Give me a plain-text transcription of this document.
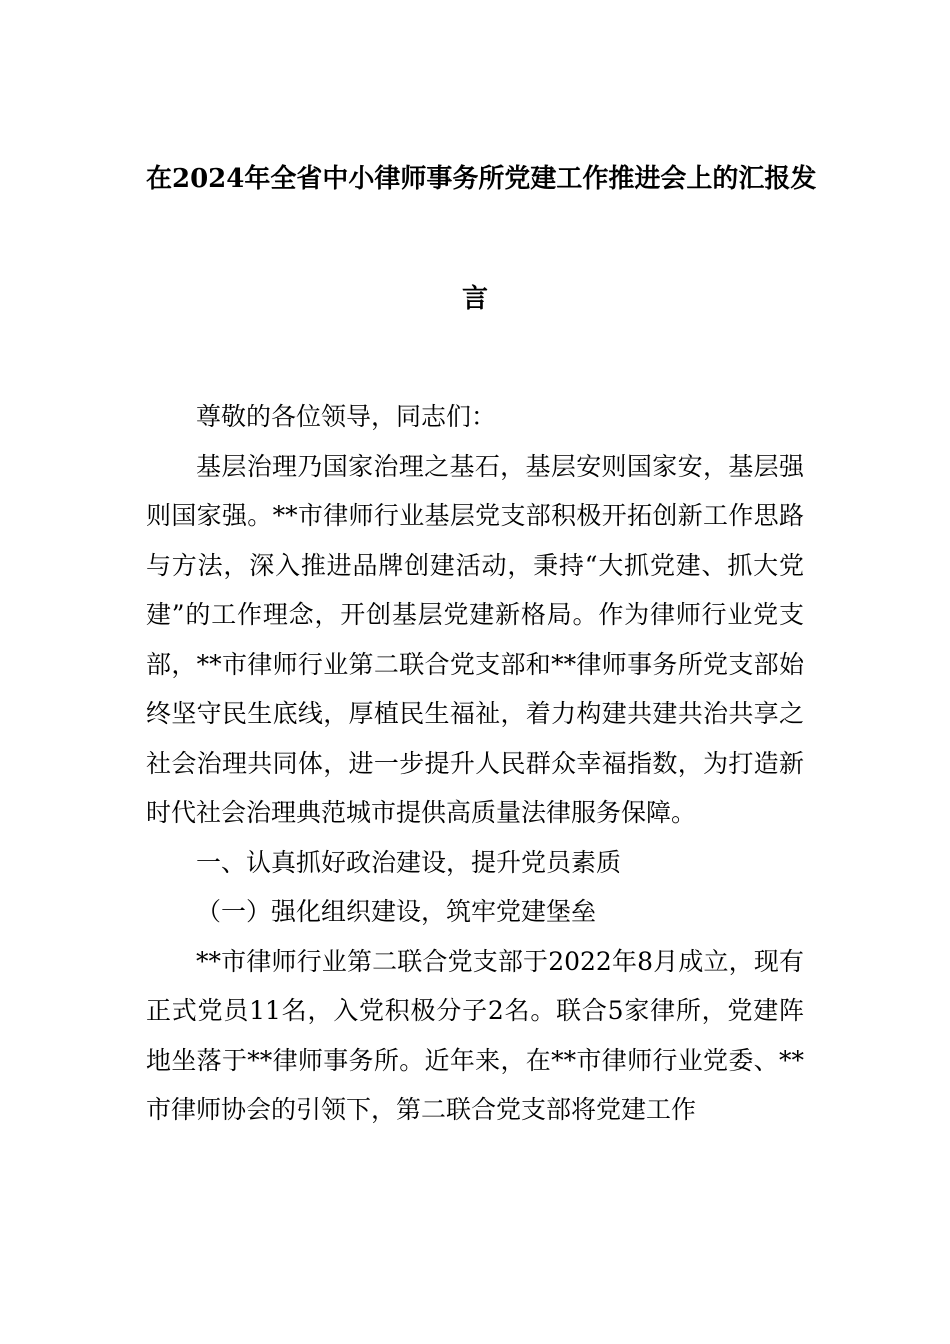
在2024年全省中小律师事务所党建工作推进会上的汇报发
言

尊敬的各位领导，同志们：

基层治理乃国家治理之基石，基层安则国家安，基层强则国家强。**市律师行业基层党支部积极开拓创新工作思路与方法，深入推进品牌创建活动，秉持“大抓党建、抓大党建”的工作理念，开创基层党建新格局。作为律师行业党支部，**市律师行业第二联合党支部和**律师事务所党支部始终坚守民生底线，厚植民生福祉，着力构建共建共治共享之社会治理共同体，进一步提升人民群众幸福指数，为打造新时代社会治理典范城市提供高质量法律服务保障。

一、认真抓好政治建设，提升党员素质

（一）强化组织建设，筑牢党建堡垒

**市律师行业第二联合党支部于2022年8月成立，现有正式党员11名，入党积极分子2名。联合5家律所，党建阵地坐落于**律师事务所。近年来，在**市律师行业党委、**市律师协会的引领下，第二联合党支部将党建工作
